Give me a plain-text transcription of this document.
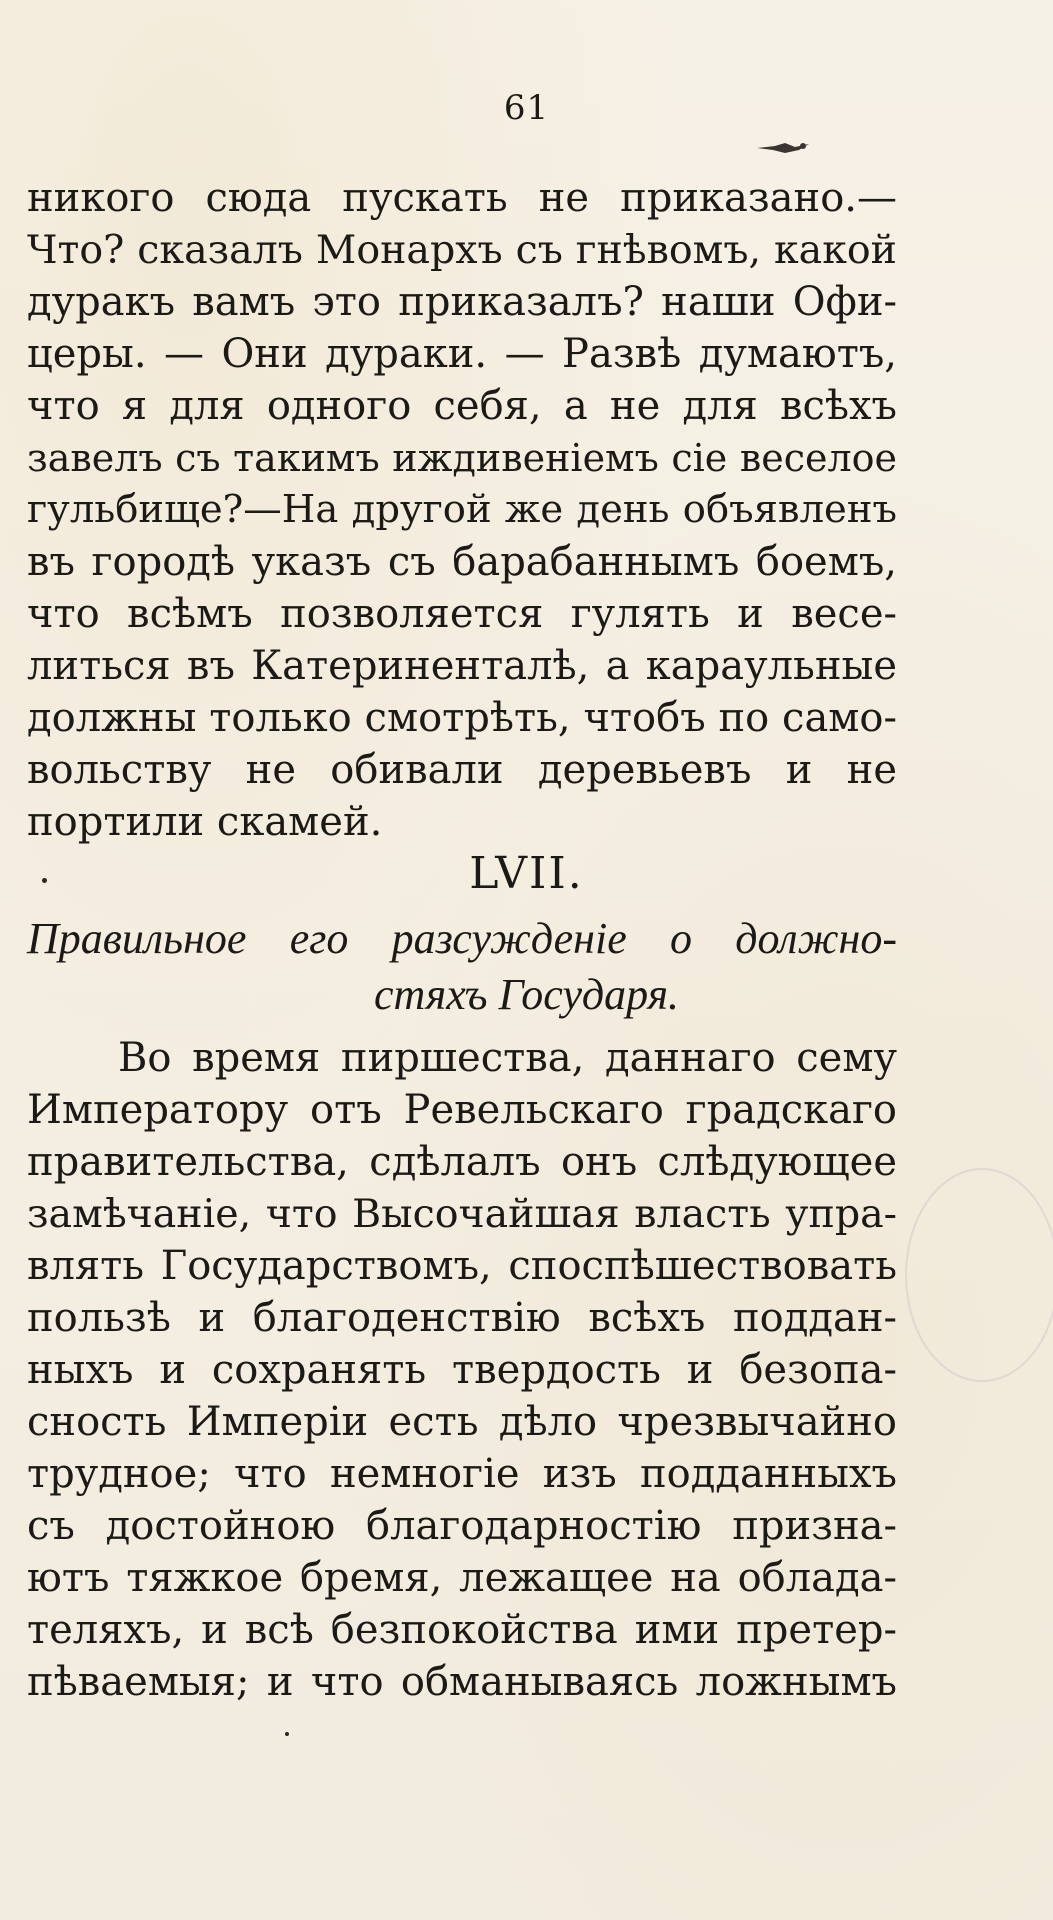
61
никого сюда пускать не приказано.—
Что? сказалъ Монархъ съ гнѣвомъ, какой
дуракъ вамъ это приказалъ? наши Офи-
церы. — Они дураки. — Развѣ думаютъ,
что я для одного себя, а не для всѣхъ
завелъ съ такимъ иждивеніемъ сіе веселое
гульбище?—На другой же день объявленъ
въ городѣ указъ съ барабаннымъ боемъ,
что всѣмъ позволяется гулять и весе-
литься въ Катериненталѣ, а караульные
должны только смотрѣть, чтобъ по само-
вольству не обивали деревьевъ и не
портили скамей.
LVII.
Правильное его разсужденіе о должно-
стяхъ Государя.
Во время пиршества, даннаго сему
Императору отъ Ревельскаго градскаго
правительства, сдѣлалъ онъ слѣдующее
замѣчаніе, что Высочайшая власть упра-
влять Государствомъ, споспѣшествовать
пользѣ и благоденствію всѣхъ поддан-
ныхъ и сохранять твердость и безопа-
сность Имперіи есть дѣло чрезвычайно
трудное; что немногіе изъ подданныхъ
съ достойною благодарностію призна-
ютъ тяжкое бремя, лежащее на облада-
теляхъ, и всѣ безпокойства ими претер-
пѣваемыя; и что обманываясь ложнымъ
